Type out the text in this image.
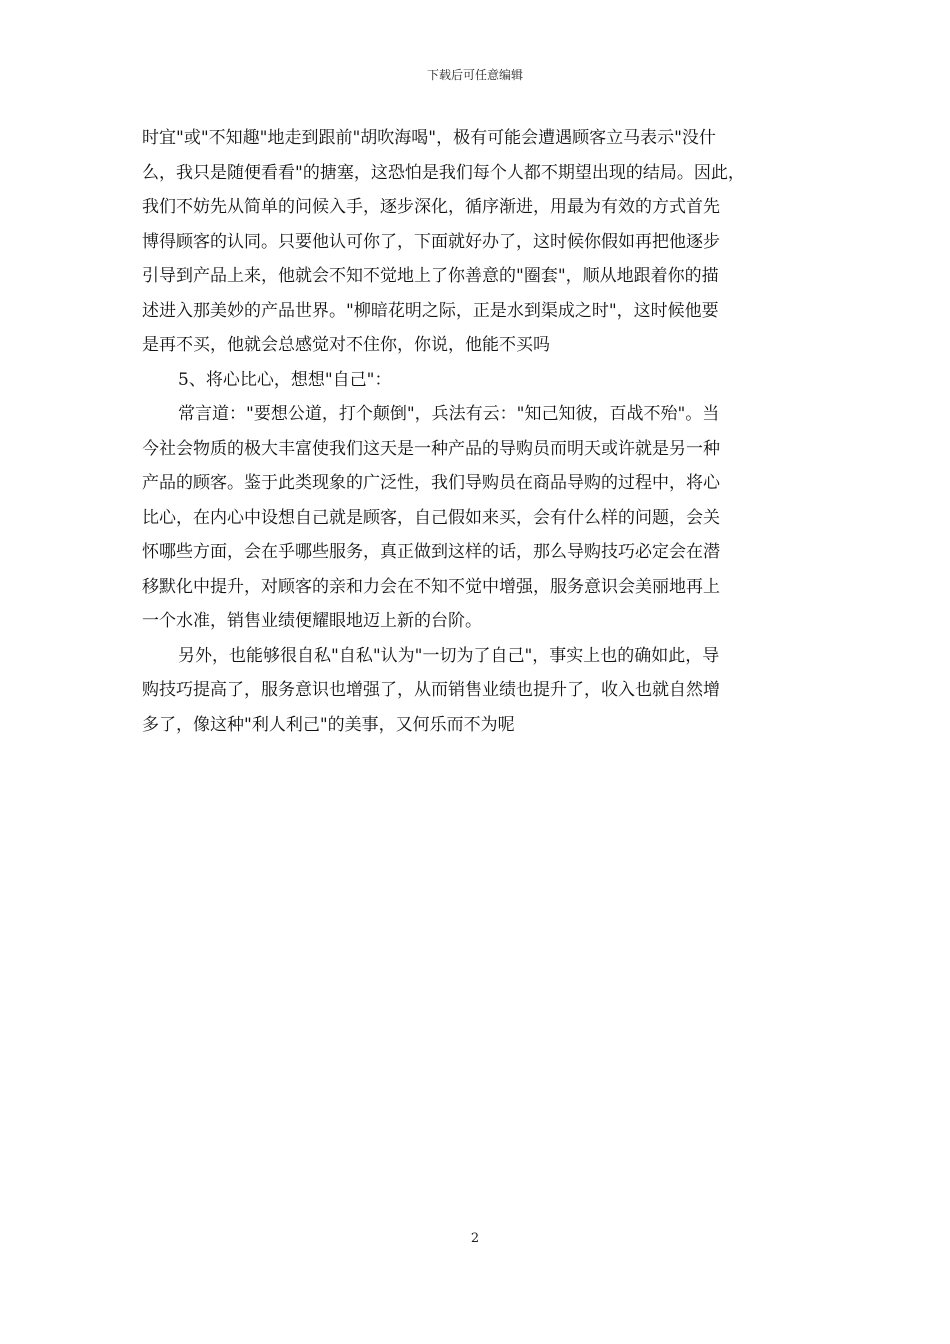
下载后可任意编辑
时宜"或"不知趣"地走到跟前"胡吹海喝"，极有可能会遭遇顾客立马表示"没什
么，我只是随便看看"的搪塞，这恐怕是我们每个人都不期望出现的结局。因此，
我们不妨先从简单的问候入手，逐步深化，循序渐进，用最为有效的方式首先
博得顾客的认同。只要他认可你了，下面就好办了，这时候你假如再把他逐步
引导到产品上来，他就会不知不觉地上了你善意的"圈套"，顺从地跟着你的描
述进入那美妙的产品世界。"柳暗花明之际，正是水到渠成之时"，这时候他要
是再不买，他就会总感觉对不住你，你说，他能不买吗
5、将心比心，想想"自己"：
常言道："要想公道，打个颠倒"，兵法有云："知己知彼，百战不殆"。当
今社会物质的极大丰富使我们这天是一种产品的导购员而明天或许就是另一种
产品的顾客。鉴于此类现象的广泛性，我们导购员在商品导购的过程中，将心
比心，在内心中设想自己就是顾客，自己假如来买，会有什么样的问题，会关
怀哪些方面，会在乎哪些服务，真正做到这样的话，那么导购技巧必定会在潜
移默化中提升，对顾客的亲和力会在不知不觉中增强，服务意识会美丽地再上
一个水准，销售业绩便耀眼地迈上新的台阶。
另外，也能够很自私"自私"认为"一切为了自己"，事实上也的确如此，导
购技巧提高了，服务意识也增强了，从而销售业绩也提升了，收入也就自然增
多了，像这种"利人利己"的美事，又何乐而不为呢
2
